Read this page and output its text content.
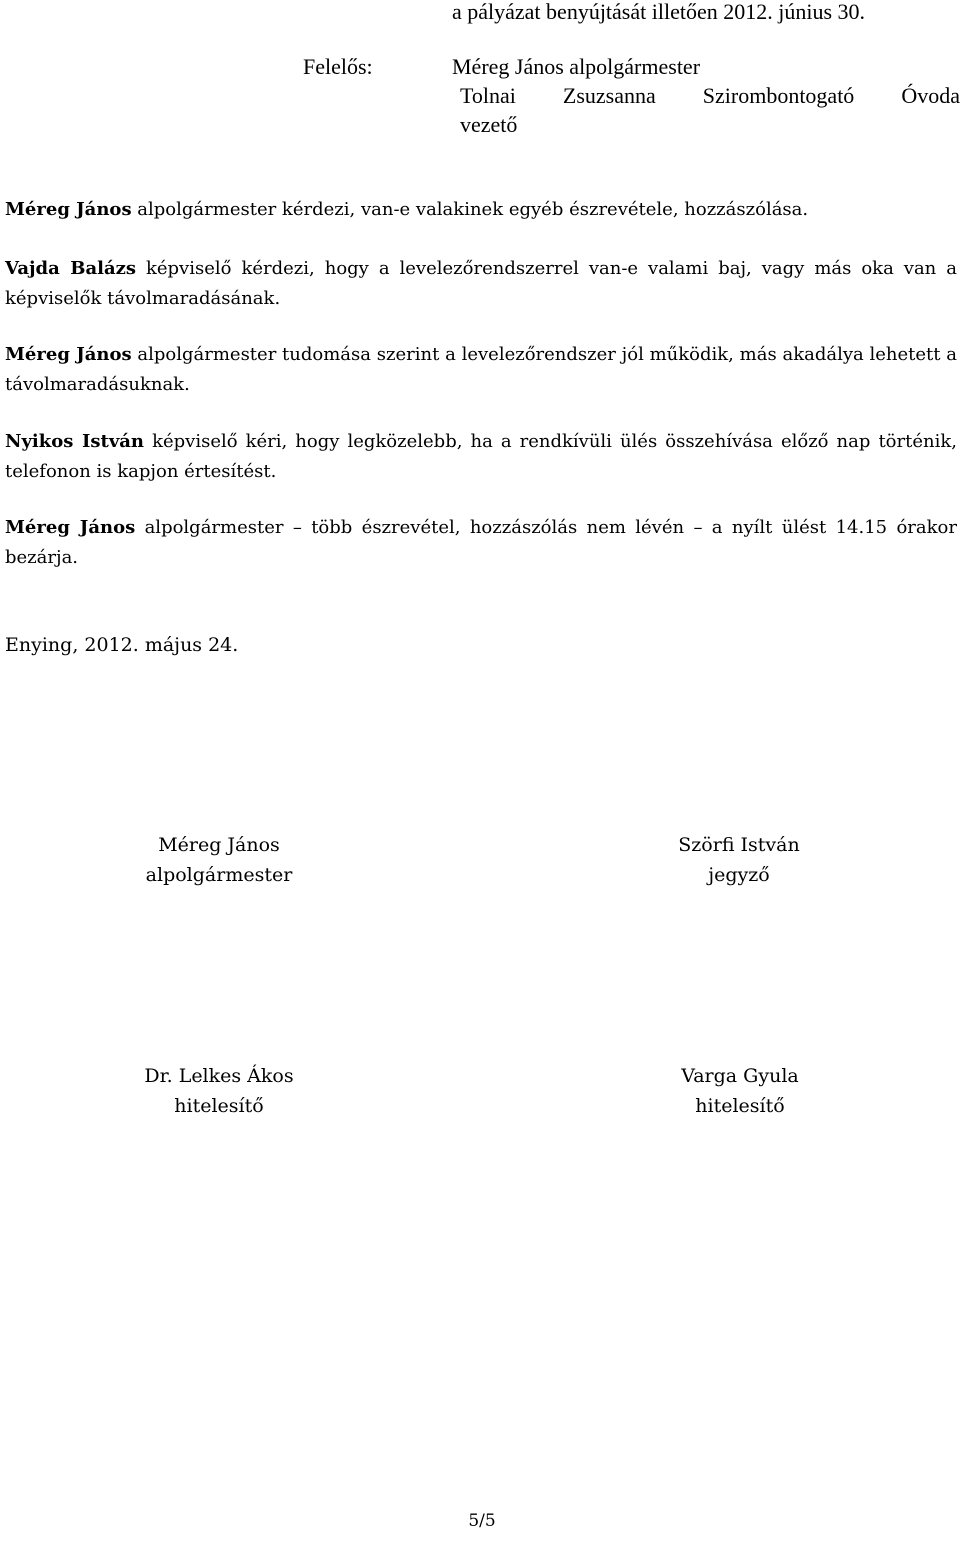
a pályázat benyújtását illetően 2012. június 30.
Felelős:	Méreg János alpolgármester
Tolnai Zsuzsanna Szirombontogató Óvoda
vezető

Méreg János alpolgármester kérdezi, van-e valakinek egyéb észrevétele, hozzászólása.

Vajda Balázs képviselő kérdezi, hogy a levelezőrendszerrel van-e valami baj, vagy más oka van a képviselők távolmaradásának.

Méreg János alpolgármester tudomása szerint a levelezőrendszer jól működik, más akadálya lehetett a távolmaradásuknak.

Nyikos István képviselő kéri, hogy legközelebb, ha a rendkívüli ülés összehívása előző nap történik, telefonon is kapjon értesítést.

Méreg János alpolgármester – több észrevétel, hozzászólás nem lévén – a nyílt ülést 14.15 órakor bezárja.

Enying, 2012. május 24.
Méreg János
alpolgármester
Szörfi István
jegyző
Dr. Lelkes Ákos
hitelesítő
Varga Gyula
hitelesítő
5/5
